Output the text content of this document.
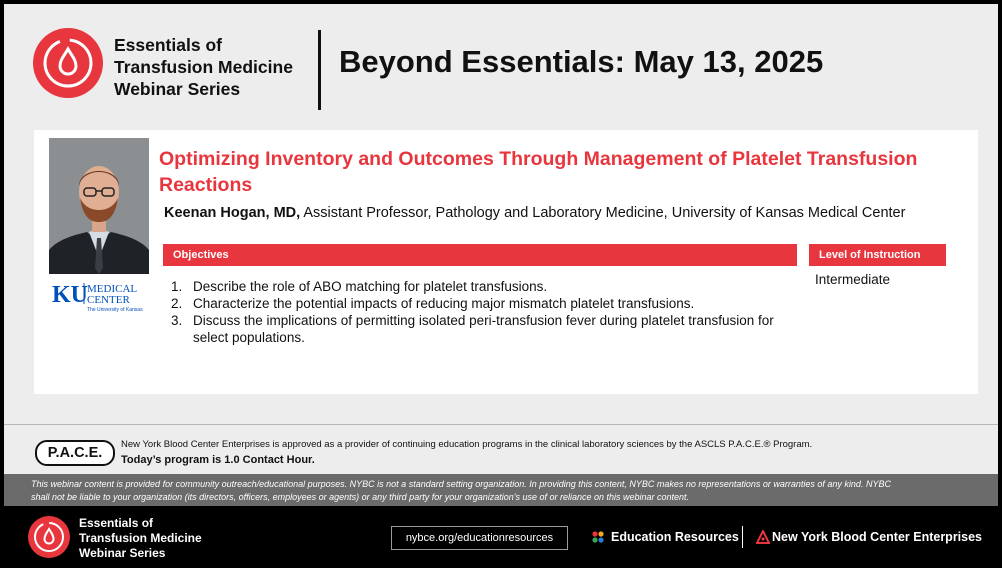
Essentials of
Transfusion Medicine
Webinar Series
Beyond Essentials: May 13, 2025
KU MEDICAL
CENTER
The University of Kansas
Optimizing Inventory and Outcomes Through Management of Platelet Transfusion Reactions
Keenan Hogan, MD, Assistant Professor, Pathology and Laboratory Medicine, University of Kansas Medical Center
Objectives	Level of Instruction
Intermediate
1. Describe the role of ABO matching for platelet transfusions.
2. Characterize the potential impacts of reducing major mismatch platelet transfusions.
3. Discuss the implications of permitting isolated peri-transfusion fever during platelet transfusion for select populations.
P.A.C.E.
New York Blood Center Enterprises is approved as a provider of continuing education programs in the clinical laboratory sciences by the ASCLS P.A.C.E.® Program.
Today’s program is 1.0 Contact Hour.

This webinar content is provided for community outreach/educational purposes. NYBC is not a standard setting organization. In providing this content, NYBC makes no representations or warranties of any kind. NYBC shall not be liable to your organization (its directors, officers, employees or agents) or any third party for your organization's use of or reliance on this webinar content.

Essentials of
Transfusion Medicine
Webinar Series
nybce.org/educationresources	Education Resources	New York Blood Center Enterprises
